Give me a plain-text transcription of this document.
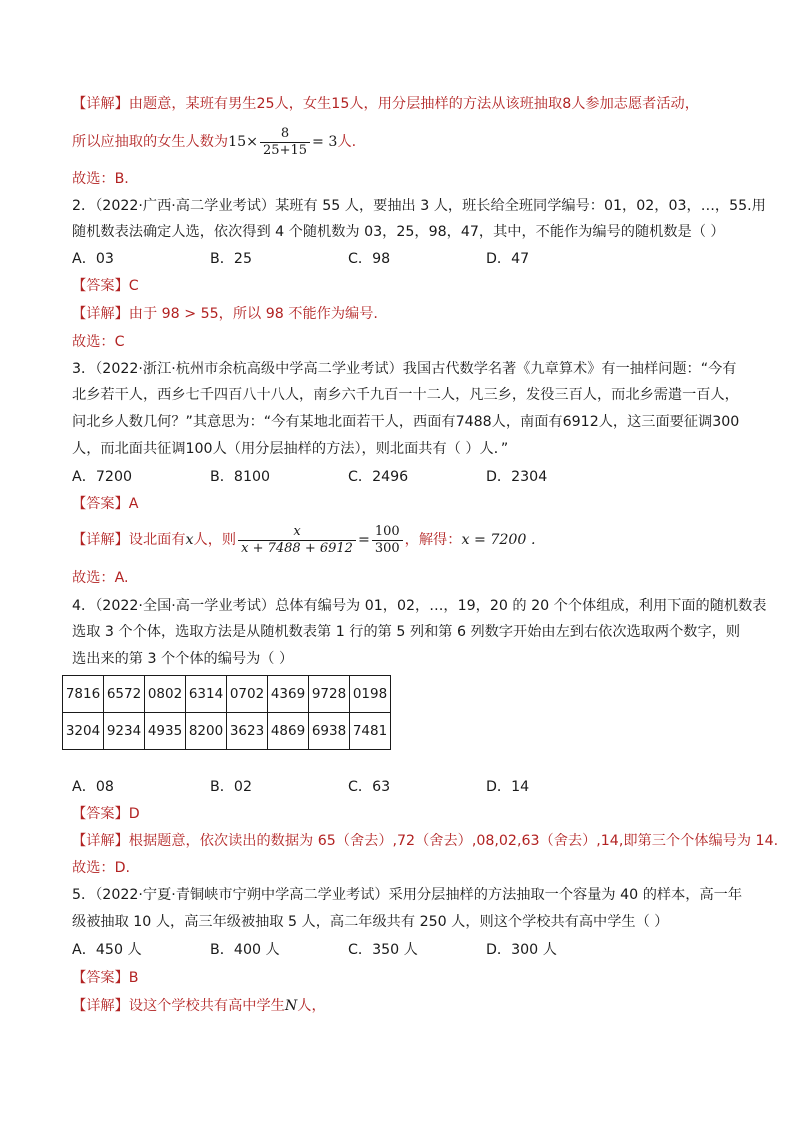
【详解】由题意，某班有男生25人，女生15人，用分层抽样的方法从该班抽取8人参加志愿者活动，
所以应抽取的女生人数为$15\times \frac{8}{25+15} = 3$人.
故选：B.
2．（2022·广西·高二学业考试）某班有 55 人，要抽出 3 人，班长给全班同学编号：01，02，03，…，55.用
随机数表法确定人选，依次得到 4 个随机数为 03，25，98，47，其中，不能作为编号的随机数是（ ）
A．03	B．25	C．98	D．47
【答案】C
【详解】由于 98 > 55，所以 98 不能作为编号.
故选：C
3．（2022·浙江·杭州市余杭高级中学高二学业考试）我国古代数学名著《九章算术》有一抽样问题：“今有
北乡若干人，西乡七千四百八十八人，南乡六千九百一十二人，凡三乡，发役三百人，而北乡需遣一百人，
问北乡人数几何？”其意思为：“今有某地北面若干人，西面有7488人，南面有6912人，这三面要征调300
人，而北面共征调100人（用分层抽样的方法），则北面共有（ ）人．”
A．7200	B．8100	C．2496	D．2304
【答案】A
【详解】设北面有x人，则 $\frac{x}{x + 7488 + 6912} = \frac{100}{300}$ ，解得：x = 7200 .
故选：A.
4．（2022·全国·高一学业考试）总体有编号为 01，02，…，19，20 的 20 个个体组成，利用下面的随机数表
选取 3 个个体，选取方法是从随机数表第 1 行的第 5 列和第 6 列数字开始由左到右依次选取两个数字，则
选出来的第 3 个个体的编号为（ ）
7816	6572	0802	6314	0702	4369	9728	0198
3204	9234	4935	8200	3623	4869	6938	7481
A．08	B．02	C．63	D．14
【答案】D
【详解】根据题意，依次读出的数据为 65（舍去）,72（舍去）,08,02,63（舍去）,14,即第三个个体编号为 14.
故选：D.
5．（2022·宁夏·青铜峡市宁朔中学高二学业考试）采用分层抽样的方法抽取一个容量为 40 的样本，高一年
级被抽取 10 人，高三年级被抽取 5 人，高二年级共有 250 人，则这个学校共有高中学生（ ）
A．450 人	B．400 人	C．350 人	D．300 人
【答案】B
【详解】设这个学校共有高中学生N人，
